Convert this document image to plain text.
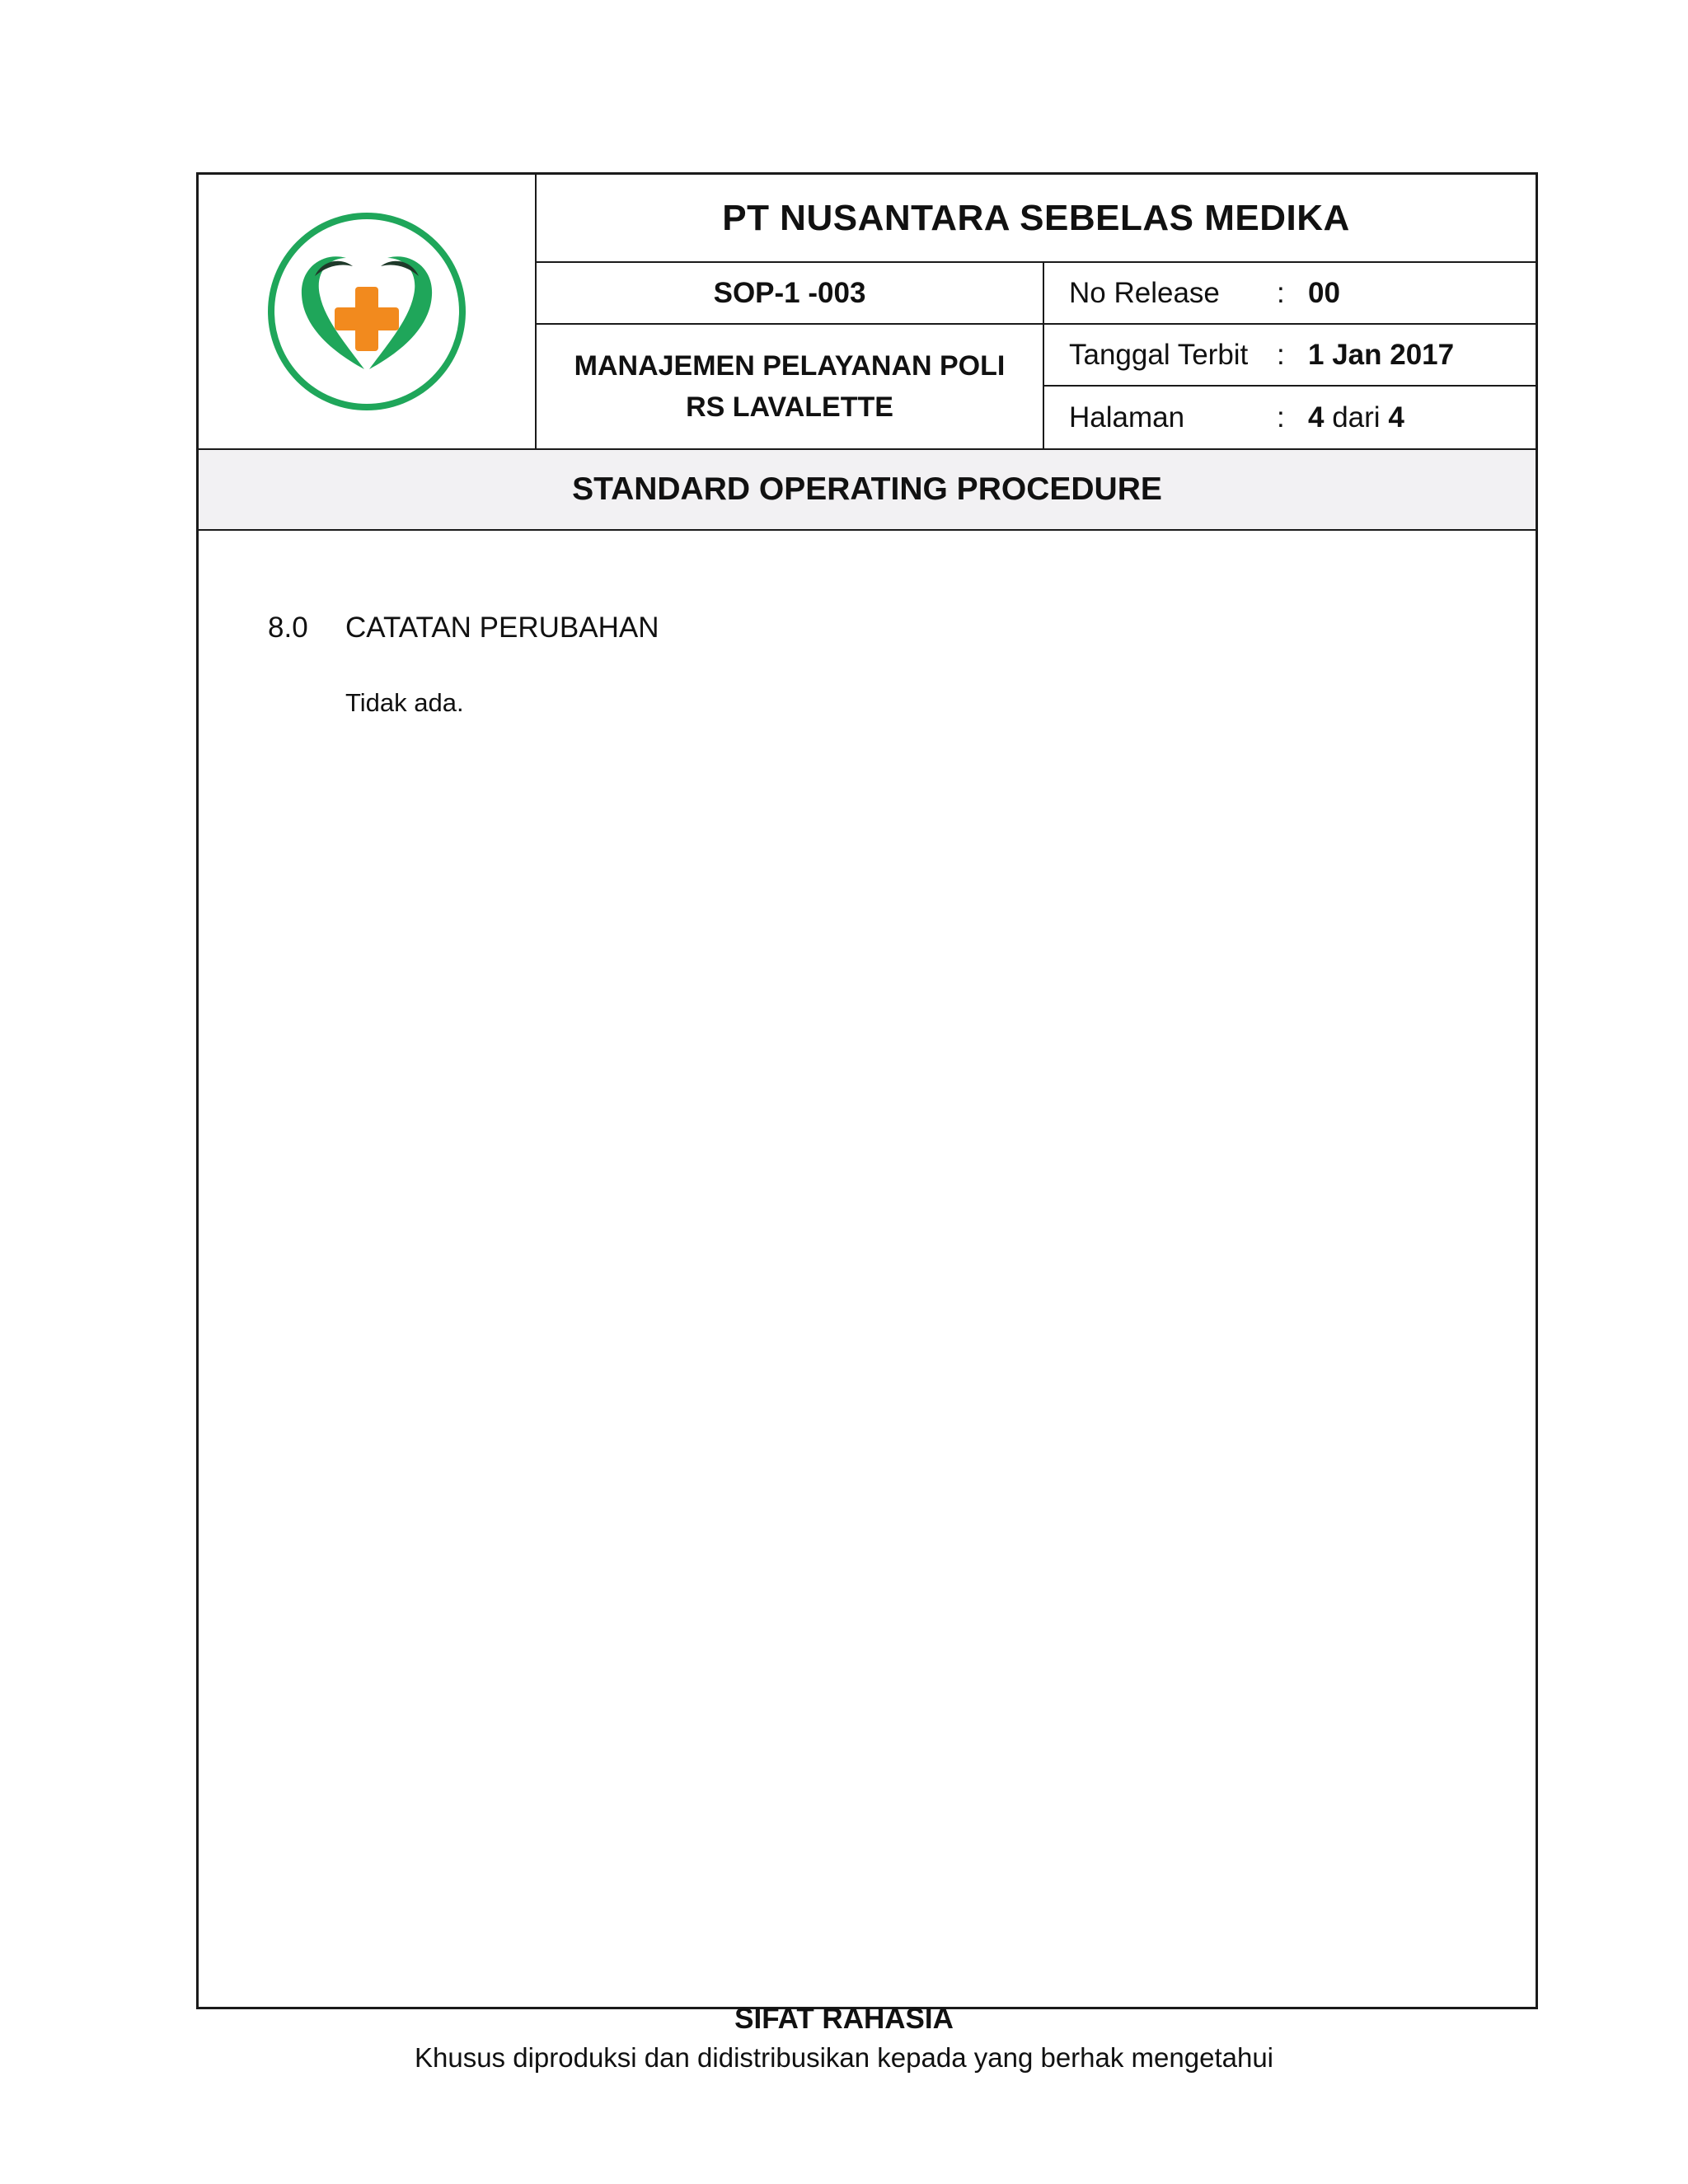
PT NUSANTARA SEBELAS MEDIKA
SOP-1 -003
MANAJEMEN PELAYANAN POLI
RS LAVALETTE
No Release	: 00
Tanggal Terbit : 1 Jan 2017
Halaman	: 4 dari 4
STANDARD OPERATING PROCEDURE
8.0	CATATAN PERUBAHAN
Tidak ada.
SIFAT RAHASIA
Khusus diproduksi dan didistribusikan kepada yang berhak mengetahui
